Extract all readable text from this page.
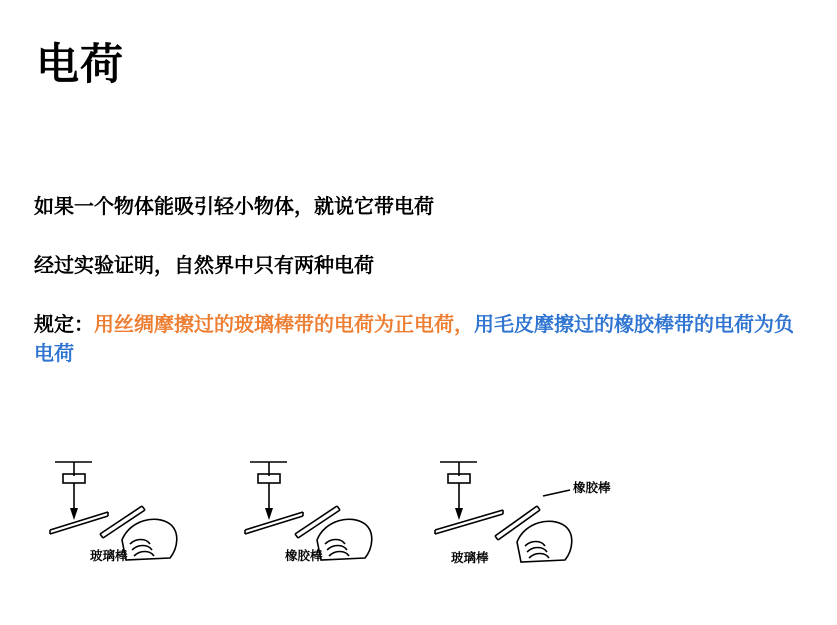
电荷

如果一个物体能吸引轻小物体，就说它带电荷

经过实验证明，自然界中只有两种电荷

规定：用丝绸摩擦过的玻璃棒带的电荷为正电荷，用毛皮摩擦过的橡胶棒带的电荷为负电荷

玻璃棒	橡胶棒
橡胶棒
玻璃棒
